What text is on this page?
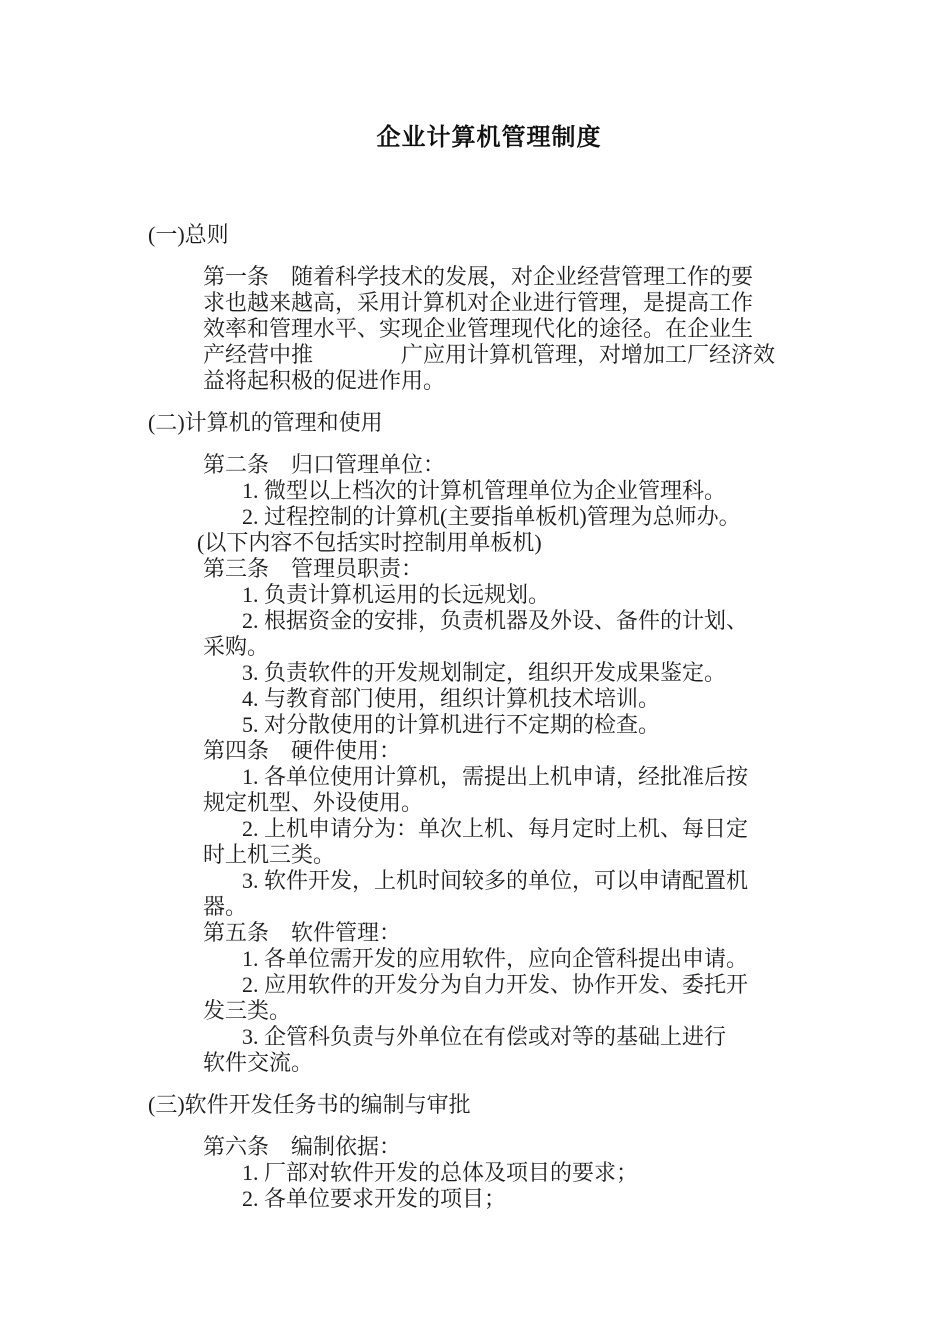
企业计算机管理制度
(一)总则
第一条　随着科学技术的发展，对企业经营管理工作的要
求也越来越高，采用计算机对企业进行管理，是提高工作
效率和管理水平、实现企业管理现代化的途径。在企业生
产经营中推　　　　广应用计算机管理，对增加工厂经济效
益将起积极的促进作用。
(二)计算机的管理和使用
第二条　归口管理单位：
1. 微型以上档次的计算机管理单位为企业管理科。
2. 过程控制的计算机(主要指单板机)管理为总师办。
(以下内容不包括实时控制用单板机)
第三条　管理员职责：
1. 负责计算机运用的长远规划。
2. 根据资金的安排，负责机器及外设、备件的计划、
采购。
3. 负责软件的开发规划制定，组织开发成果鉴定。
4. 与教育部门使用，组织计算机技术培训。
5. 对分散使用的计算机进行不定期的检查。
第四条　硬件使用：
1. 各单位使用计算机，需提出上机申请，经批准后按
规定机型、外设使用。
2. 上机申请分为：单次上机、每月定时上机、每日定
时上机三类。
3. 软件开发，上机时间较多的单位，可以申请配置机
器。
第五条　软件管理：
1. 各单位需开发的应用软件，应向企管科提出申请。
2. 应用软件的开发分为自力开发、协作开发、委托开
发三类。
3. 企管科负责与外单位在有偿或对等的基础上进行
软件交流。
(三)软件开发任务书的编制与审批
第六条　编制依据：
1. 厂部对软件开发的总体及项目的要求；
2. 各单位要求开发的项目；
